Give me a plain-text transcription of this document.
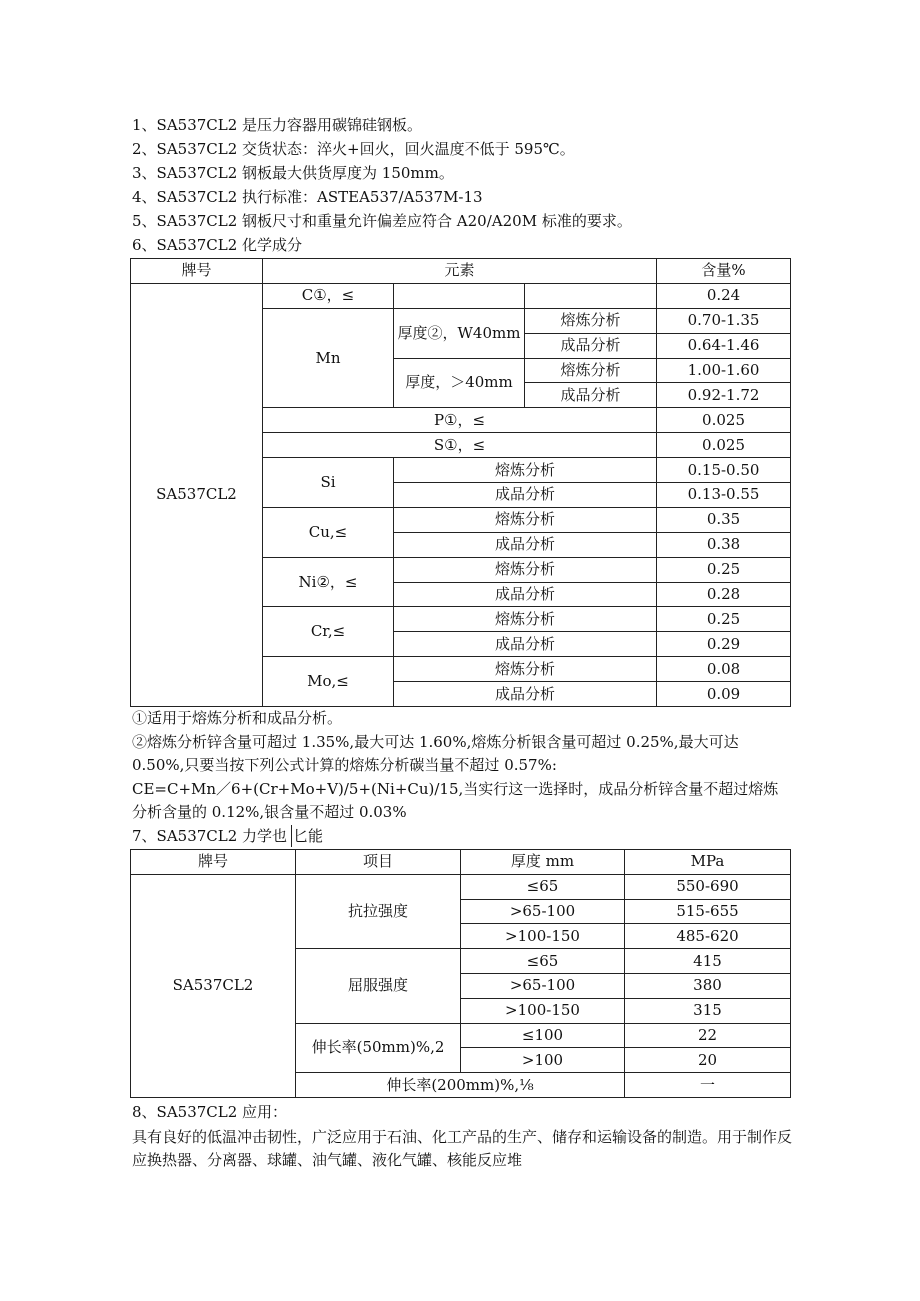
1、SA537CL2 是压力容器用碳锦硅钢板。
2、SA537CL2 交货状态：淬火+回火，回火温度不低于 595℃。
3、SA537CL2 钢板最大供货厚度为 150mm。
4、SA537CL2 执行标准：ASTEA537/A537M-13
5、SA537CL2 钢板尺寸和重量允许偏差应符合 A20/A20M 标准的要求。
6、SA537CL2 化学成分
牌号	元素			含量%
SA537CL2	C①，≤			0.24
	Mn	厚度②，W40mm	熔炼分析	0.70-1.35
			成品分析	0.64-1.46
		厚度，＞40mm	熔炼分析	1.00-1.60
			成品分析	0.92-1.72
	P①，≤			0.025
	S①，≤			0.025
	Si	熔炼分析		0.15-0.50
		成品分析		0.13-0.55
	Cu,≤	熔炼分析		0.35
		成品分析		0.38
	Ni②，≤	熔炼分析		0.25
		成品分析		0.28
	Cr,≤	熔炼分析		0.25
		成品分析		0.29
	Mo,≤	熔炼分析		0.08
		成品分析		0.09
①适用于熔炼分析和成品分析。
②熔炼分析锌含量可超过 1.35%,最大可达 1.60%,熔炼分析银含量可超过 0.25%,最大可达 0.50%,只要当按下列公式计算的熔炼分析碳当量不超过 0.57%:
CE=C+Mn／6+(Cr+Mo+V)/5+(Ni+Cu)/15,当实行这一选择时，成品分析锌含量不超过熔炼分析含量的 0.12%,银含量不超过 0.03%
7、SA537CL2 力学也 匕能
牌号	项目	厚度 mm	MPa
SA537CL2	抗拉强度	≤65	550-690
		>65-100	515-655
		>100-150	485-620
	屈服强度	≤65	415
		>65-100	380
		>100-150	315
	伸长率(50mm)%,2	≤100	22
		>100	20
	伸长率(200mm)%,⅛		一
8、SA537CL2 应用：
具有良好的低温冲击韧性，广泛应用于石油、化工产品的生产、储存和运输设备的制造。用于制作反应换热器、分离器、球罐、油气罐、液化气罐、核能反应堆
